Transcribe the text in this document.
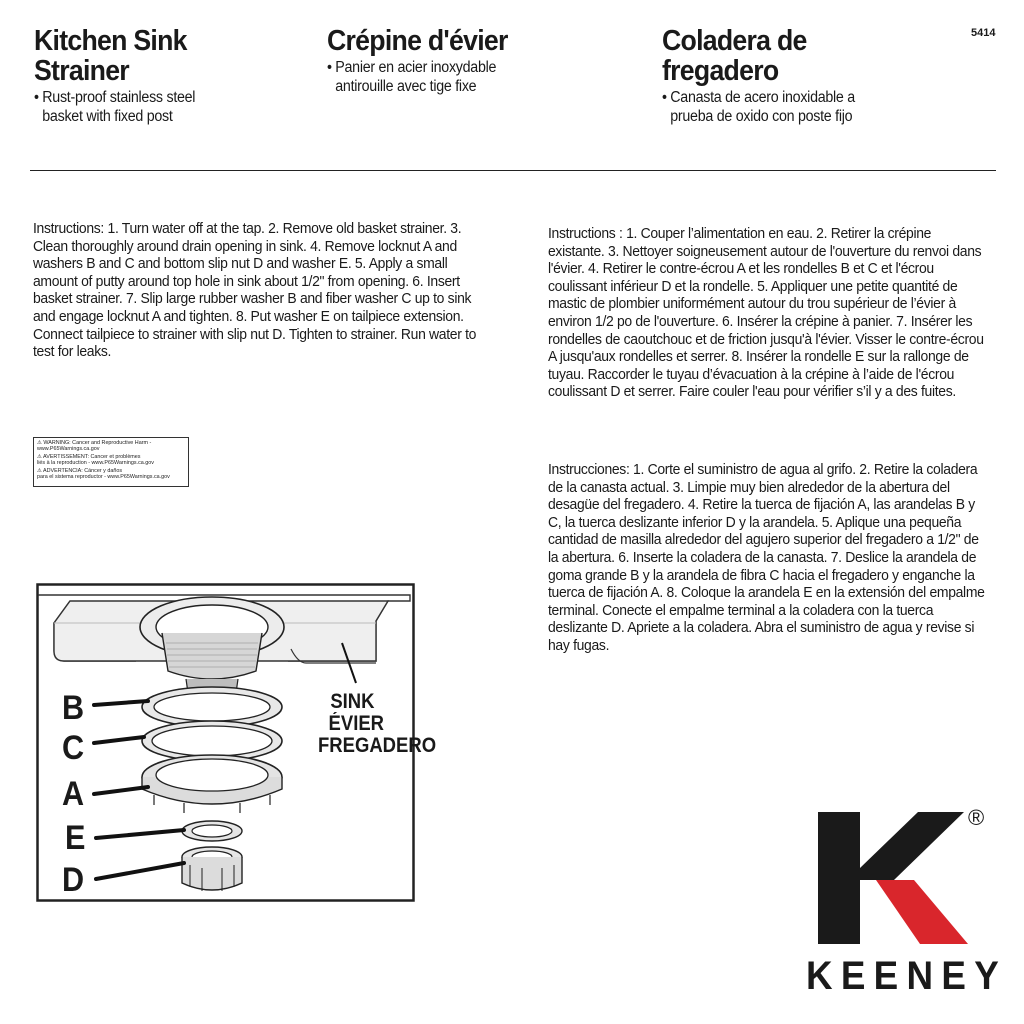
5414
Kitchen Sink
Strainer
• Rust-proof stainless steel
basket with fixed post
Crépine d'évier
• Panier en acier inoxydable
antirouille avec tige fixe
Coladera de
fregadero
• Canasta de acero inoxidable a
prueba de oxido con poste fijo

Instructions: 1. Turn water off at the tap. 2. Remove old basket strainer. 3. Clean thoroughly around drain opening in sink. 4. Remove locknut A and washers B and C and bottom slip nut D and washer E. 5. Apply a small amount of putty around top hole in sink about 1/2" from opening. 6. Insert basket strainer. 7. Slip large rubber washer B and fiber washer C up to sink and engage locknut A and tighten. 8. Put washer E on tailpiece extension. Connect tailpiece to strainer with slip nut D. Tighten to strainer. Run water to test for leaks.

Instructions : 1. Couper l’alimentation en eau. 2. Retirer la crépine existante. 3. Nettoyer soigneusement autour de l'ouverture du renvoi dans l'évier. 4. Retirer le contre-écrou A et les rondelles B et C et l'écrou coulissant inférieur D et la rondelle. 5. Appliquer une petite quantité de mastic de plombier uniformément autour du trou supérieur de l’évier à environ 1/2 po de l'ouverture. 6. Insérer la crépine à panier. 7. Insérer les rondelles de caoutchouc et de friction jusqu'à l'évier. Visser le contre-écrou A jusqu'aux rondelles et serrer. 8. Insérer la rondelle E sur la rallonge de tuyau. Raccorder le tuyau d’évacuation à la crépine à l’aide de l'écrou coulissant D et serrer. Faire couler l'eau pour vérifier s’il y a des fuites.

Instrucciones: 1. Corte el suministro de agua al grifo. 2. Retire la coladera de la canasta actual. 3. Limpie muy bien alrededor de la abertura del desagüe del fregadero. 4. Retire la tuerca de fijación A, las arandelas B y C, la tuerca deslizante inferior D y la arandela. 5. Aplique una pequeña cantidad de masilla alrededor del agujero superior del fregadero a 1/2" de la abertura. 6. Inserte la coladera de la canasta. 7. Deslice la arandela de goma grande B y la arandela de fibra C hacia el fregadero y enganche la tuerca de fijación A. 8. Coloque la arandela E en la extensión del empalme terminal. Conecte el empalme terminal a la coladera con la tuerca deslizante D. Apriete a la coladera. Abra el suministro de agua y revise si hay fugas.

⚠ WARNING: Cancer and Reproductive Harm -
www.P65Warnings.ca.gov
⚠ AVERTISSEMENT: Cancer et problèmes
liés à la reproduction - www.P65Warnings.ca.gov
⚠ ADVERTENCIA: Cáncer y daños
para el sistema reproductor - www.P65Warnings.ca.gov
B
C
A
E
D
SINK
ÉVIER
FREGADERO
®
KEENEY
